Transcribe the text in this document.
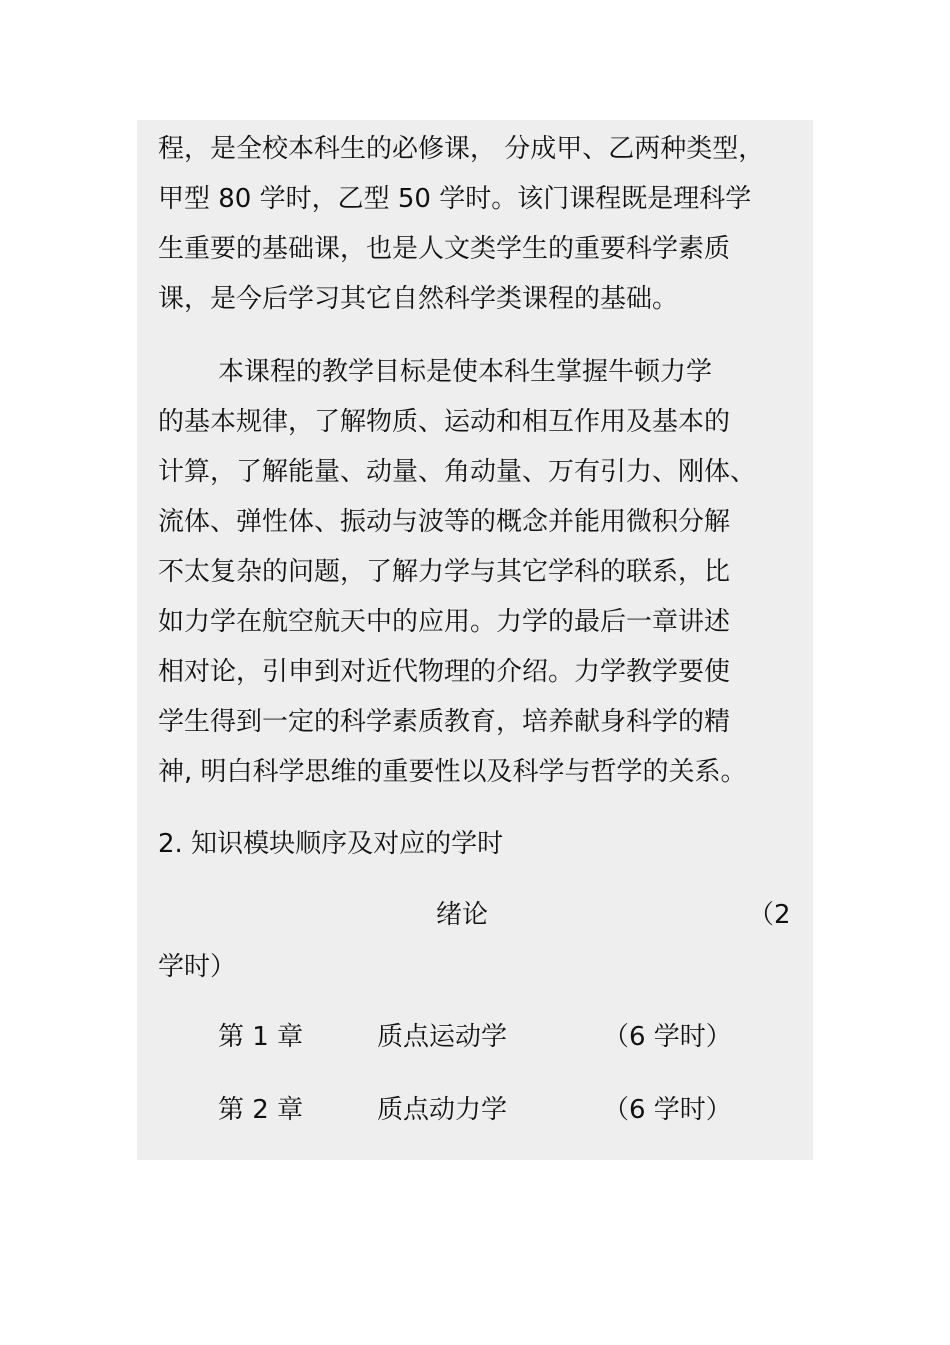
程，是全校本科生的必修课， 分成甲、乙两种类型，
甲型 80 学时，乙型 50 学时。该门课程既是理科学
生重要的基础课，也是人文类学生的重要科学素质
课，是今后学习其它自然科学类课程的基础。
本课程的教学目标是使本科生掌握牛顿力学
的基本规律，了解物质、运动和相互作用及基本的
计算，了解能量、动量、角动量、万有引力、刚体、
流体、弹性体、振动与波等的概念并能用微积分解
不太复杂的问题，了解力学与其它学科的联系，比
如力学在航空航天中的应用。力学的最后一章讲述
相对论，引申到对近代物理的介绍。力学教学要使
学生得到一定的科学素质教育，培养献身科学的精
神, 明白科学思维的重要性以及科学与哲学的关系。
2. 知识模块顺序及对应的学时
绪论	（2
学时）
第 1 章	质点运动学	（6 学时）
第 2 章	质点动力学	（6 学时）
